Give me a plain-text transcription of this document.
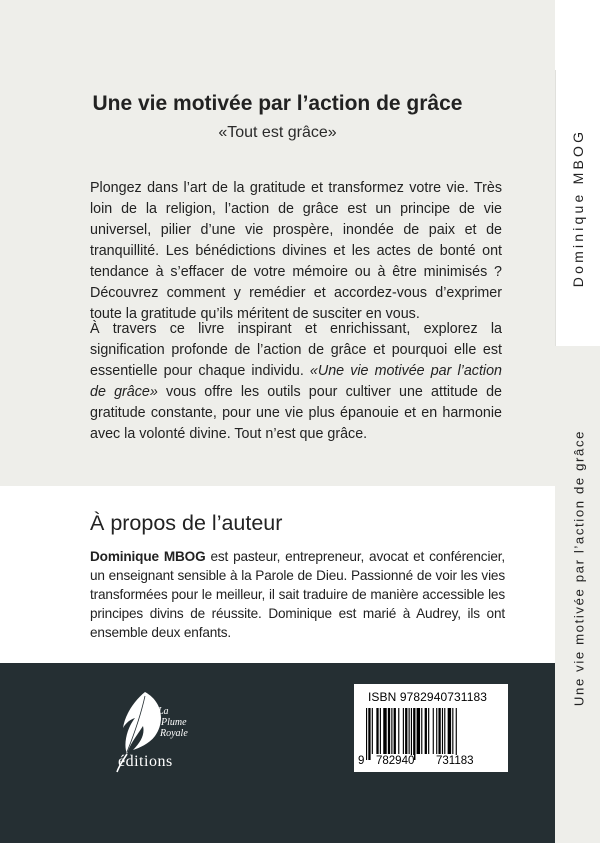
Une vie motivée par l’action de grâce
«Tout est grâce»

Plongez dans l’art de la gratitude et transformez votre vie. Très loin de la religion, l’action de grâce est un principe de vie universel, pilier d’une vie prospère, inondée de paix et de tranquillité. Les bénédictions divines et les actes de bonté ont tendance à s’effacer de votre mémoire ou à être minimisés ? Découvrez comment y remédier et accordez-vous d’exprimer toute la gratitude qu’ils méritent de susciter en vous.

À travers ce livre inspirant et enrichissant, explorez la signification profonde de l’action de grâce et pourquoi elle est essentielle pour chaque individu. «Une vie motivée par l’action de grâce» vous offre les outils pour cultiver une attitude de gratitude constante, pour une vie plus épanouie et en harmonie avec la volonté divine. Tout n’est que grâce.

À propos de l’auteur

Dominique MBOG est pasteur, entrepreneur, avocat et conférencier, un enseignant sensible à la Parole de Dieu. Passionné de voir les vies transformées pour le meilleur, il sait traduire de manière accessible les principes divins de réussite. Dominique est marié à Audrey, ils ont ensemble deux enfants.

La
Plume
Royale
éditions
ISBN 9782940731183
9 782940 731183
Dominique MBOG
Une vie motivée par l’action de grâce
